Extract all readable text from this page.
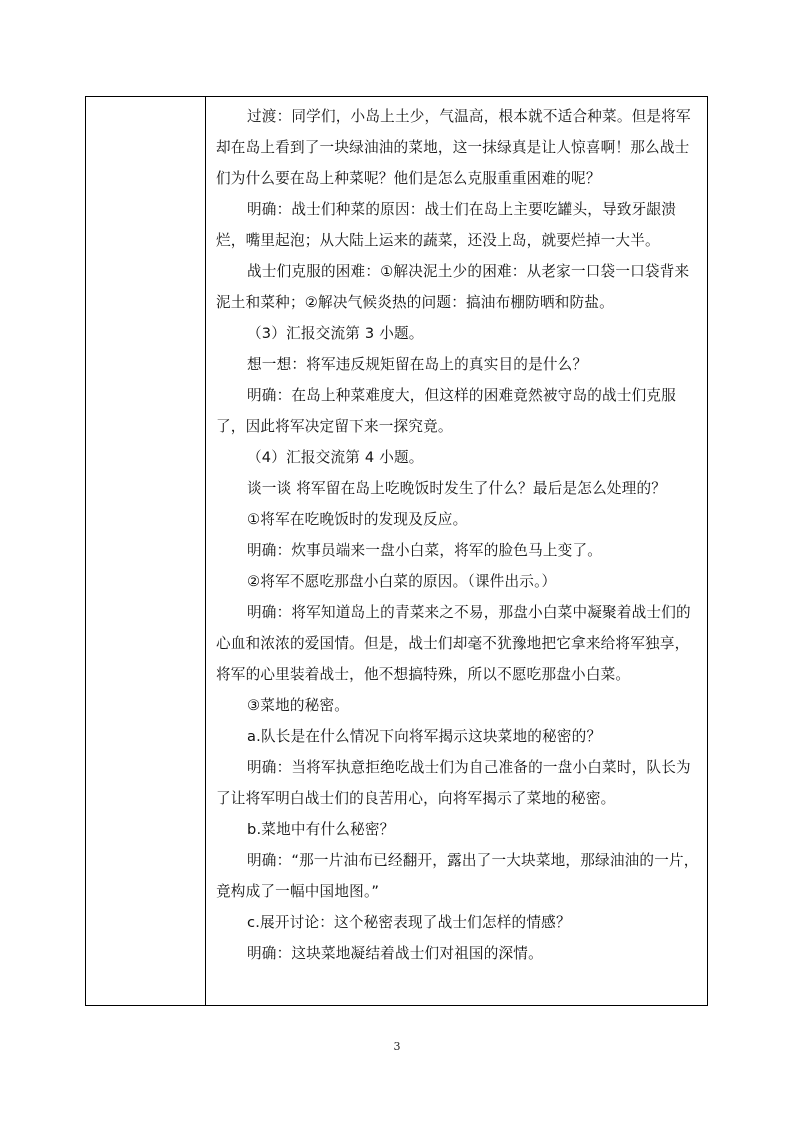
过渡：同学们，小岛上土少，气温高，根本就不适合种菜。但是将军却在岛上看到了一块绿油油的菜地，这一抹绿真是让人惊喜啊！那么战士们为什么要在岛上种菜呢？他们是怎么克服重重困难的呢？

明确：战士们种菜的原因：战士们在岛上主要吃罐头，导致牙龈溃烂，嘴里起泡；从大陆上运来的蔬菜，还没上岛，就要烂掉一大半。

战士们克服的困难：①解决泥土少的困难：从老家一口袋一口袋背来泥土和菜种；②解决气候炎热的问题：搞油布棚防晒和防盐。

（3）汇报交流第 3 小题。

想一想：将军违反规矩留在岛上的真实目的是什么？

明确：在岛上种菜难度大，但这样的困难竟然被守岛的战士们克服了，因此将军决定留下来一探究竟。

（4）汇报交流第 4 小题。

谈一谈 将军留在岛上吃晚饭时发生了什么？最后是怎么处理的？

①将军在吃晚饭时的发现及反应。

明确：炊事员端来一盘小白菜，将军的脸色马上变了。

②将军不愿吃那盘小白菜的原因。（课件出示。）

明确：将军知道岛上的青菜来之不易，那盘小白菜中凝聚着战士们的心血和浓浓的爱国情。但是，战士们却毫不犹豫地把它拿来给将军独享，将军的心里装着战士，他不想搞特殊，所以不愿吃那盘小白菜。

③菜地的秘密。

a.队长是在什么情况下向将军揭示这块菜地的秘密的？

明确：当将军执意拒绝吃战士们为自己准备的一盘小白菜时，队长为了让将军明白战士们的良苦用心，向将军揭示了菜地的秘密。

b.菜地中有什么秘密？

明确：“那一片油布已经翻开，露出了一大块菜地，那绿油油的一片，竟构成了一幅中国地图。”

c.展开讨论：这个秘密表现了战士们怎样的情感？

明确：这块菜地凝结着战士们对祖国的深情。

3
